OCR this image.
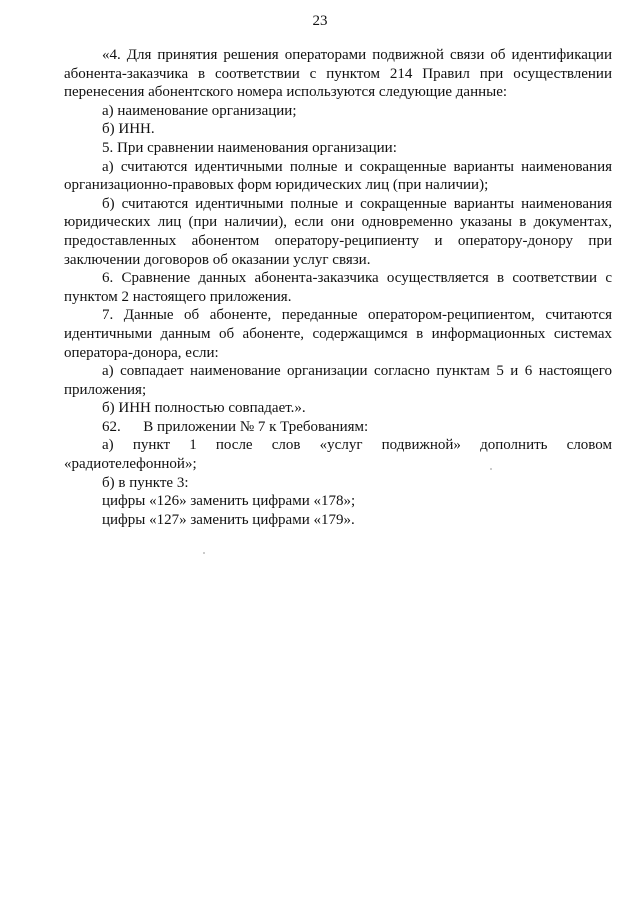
23

«4. Для принятия решения операторами подвижной связи об идентификации абонента-заказчика в соответствии с пунктом 214 Правил при осуществлении перенесения абонентского номера используются следующие данные:

а) наименование организации;

б) ИНН.

5. При сравнении наименования организации:

а) считаются идентичными полные и сокращенные варианты наименования организационно-правовых форм юридических лиц (при наличии);

б) считаются идентичными полные и сокращенные варианты наименования юридических лиц (при наличии), если они одновременно указаны в документах, предоставленных абонентом оператору-реципиенту и оператору-донору при заключении договоров об оказании услуг связи.

6. Сравнение данных абонента-заказчика осуществляется в соответствии с пунктом 2 настоящего приложения.

7. Данные об абоненте, переданные оператором-реципиентом, считаются идентичными данным об абоненте, содержащимся в информационных системах оператора-донора, если:

а) совпадает наименование организации согласно пунктам 5 и 6 настоящего приложения;

б) ИНН полностью совпадает.».

62.      В приложении № 7 к Требованиям:

а) пункт 1 после слов «услуг подвижной» дополнить словом «радиотелефонной»;

б) в пункте 3:

цифры «126» заменить цифрами «178»;

цифры «127» заменить цифрами «179».
